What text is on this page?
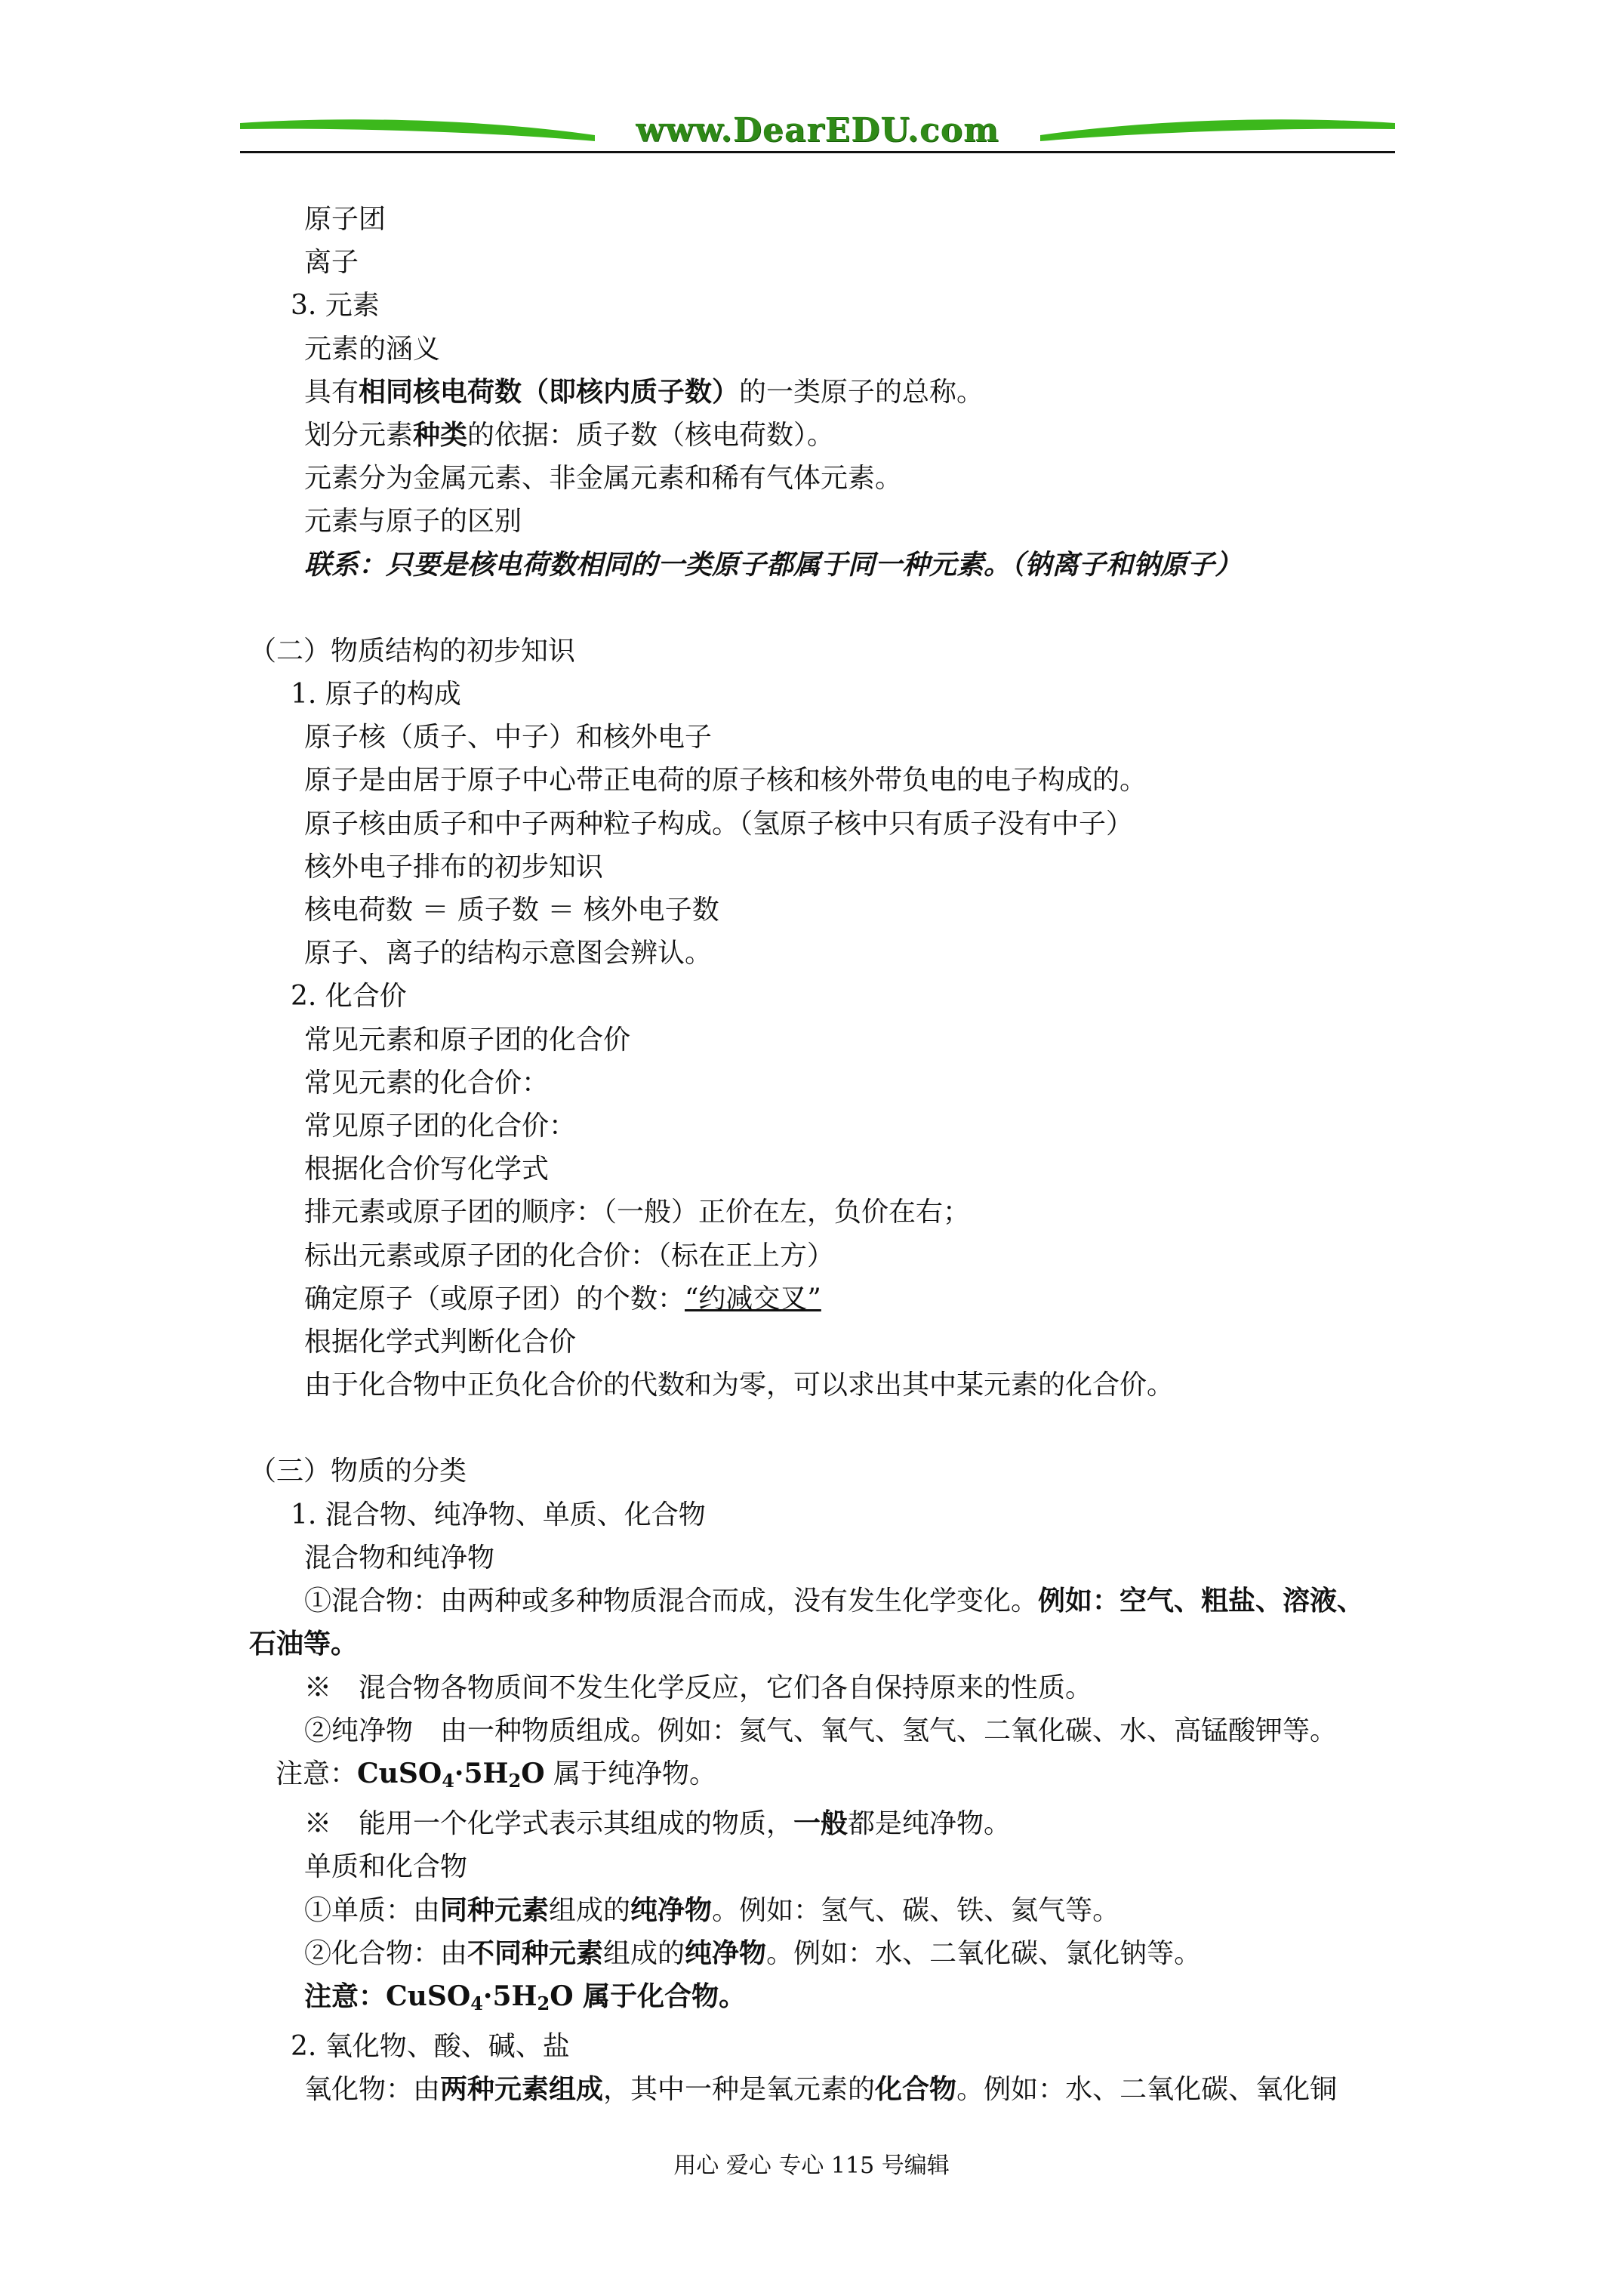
www.DearEDU.com
原子团
离子
3. 元素
元素的涵义
具有相同核电荷数（即核内质子数）的一类原子的总称。
划分元素种类的依据：质子数（核电荷数）。
元素分为金属元素、非金属元素和稀有气体元素。
元素与原子的区别
联系：只要是核电荷数相同的一类原子都属于同一种元素。（钠离子和钠原子）
（二）物质结构的初步知识
1. 原子的构成
原子核（质子、中子）和核外电子
原子是由居于原子中心带正电荷的原子核和核外带负电的电子构成的。
原子核由质子和中子两种粒子构成。（氢原子核中只有质子没有中子）
核外电子排布的初步知识
核电荷数 ＝ 质子数 ＝ 核外电子数
原子、离子的结构示意图会辨认。
2. 化合价
常见元素和原子团的化合价
常见元素的化合价：
常见原子团的化合价：
根据化合价写化学式
排元素或原子团的顺序：（一般）正价在左，负价在右；
标出元素或原子团的化合价：（标在正上方）
确定原子（或原子团）的个数：“约减交叉”
根据化学式判断化合价
由于化合物中正负化合价的代数和为零，可以求出其中某元素的化合价。
（三）物质的分类
1. 混合物、纯净物、单质、化合物
混合物和纯净物
①混合物：由两种或多种物质混合而成，没有发生化学变化。例如：空气、粗盐、溶液、
石油等。
※　混合物各物质间不发生化学反应，它们各自保持原来的性质。
②纯净物　由一种物质组成。例如：氦气、氧气、氢气、二氧化碳、水、高锰酸钾等。
注意：$CuSO_4\cdot 5H_2O$ 属于纯净物。
※　能用一个化学式表示其组成的物质，一般都是纯净物。
单质和化合物
①单质：由同种元素组成的纯净物。例如：氢气、碳、铁、氦气等。
②化合物：由不同种元素组成的纯净物。例如：水、二氧化碳、氯化钠等。
注意：$CuSO_4\cdot 5H_2O$ 属于化合物。
2. 氧化物、酸、碱、盐
氧化物：由两种元素组成，其中一种是氧元素的化合物。例如：水、二氧化碳、氧化铜
用心 爱心 专心 115 号编辑
